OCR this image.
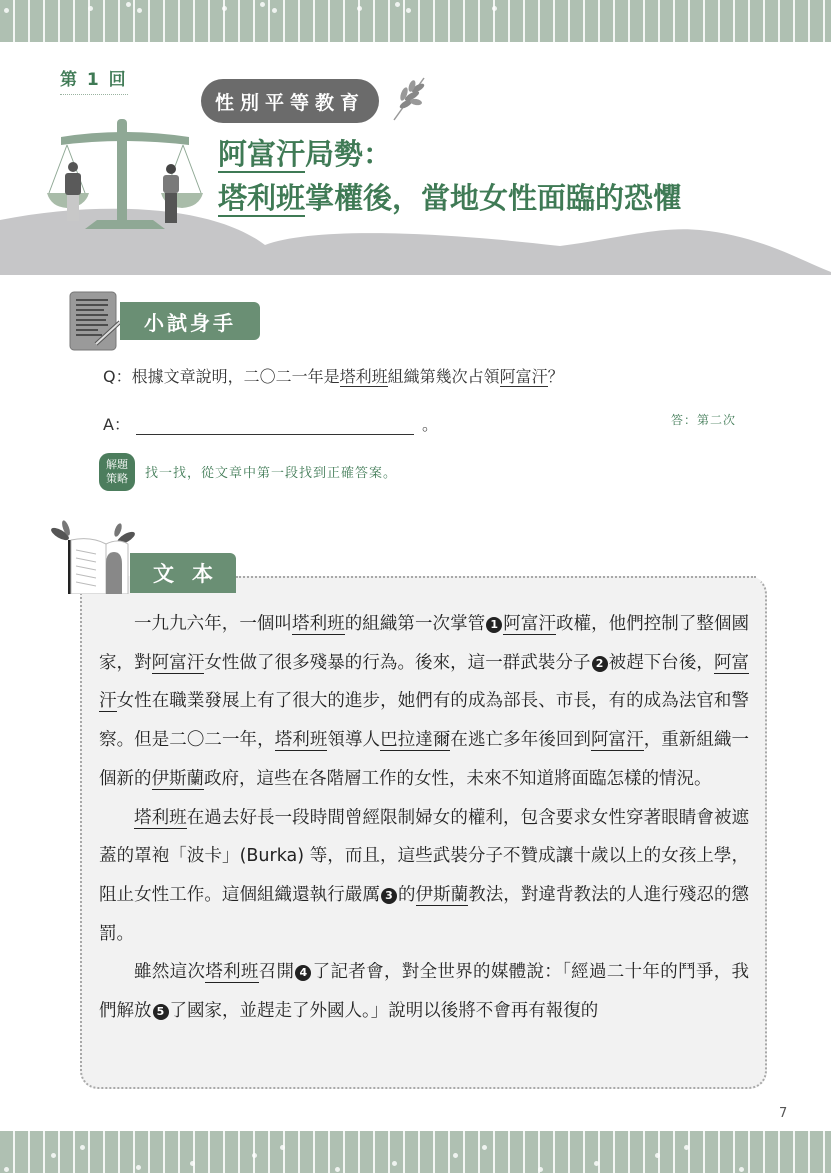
第 1 回
性別平等教育
阿富汗局勢：
塔利班掌權後，當地女性面臨的恐懼
小試身手
Q：根據文章說明，二〇二一年是塔利班組織第幾次占領阿富汗？
A：	。	答：第二次
解題
策略	找一找，從文章中第一段找到正確答案。
文本

一九九六年，一個叫塔利班的組織第一次掌管 1 阿富汗政權，他們控制了整個國家，對阿富汗女性做了很多殘暴的行為。後來，這一群武裝分子 2 被趕下台後，阿富汗女性在職業發展上有了很大的進步，她們有的成為部長、市長，有的成為法官和警察。但是二〇二一年，塔利班領導人巴拉達爾在逃亡多年後回到阿富汗，重新組織一個新的伊斯蘭政府，這些在各階層工作的女性，未來不知道將面臨怎樣的情況。

塔利班在過去好長一段時間曾經限制婦女的權利，包含要求女性穿著眼睛會被遮蓋的罩袍「波卡」(Burka) 等，而且，這些武裝分子不贊成讓十歲以上的女孩上學，阻止女性工作。這個組織還執行嚴厲 3 的伊斯蘭教法，對違背教法的人進行殘忍的懲罰。

雖然這次塔利班召開 4 了記者會，對全世界的媒體說：「經過二十年的鬥爭，我們解放 5 了國家，並趕走了外國人。」說明以後將不會再有報復的

7
